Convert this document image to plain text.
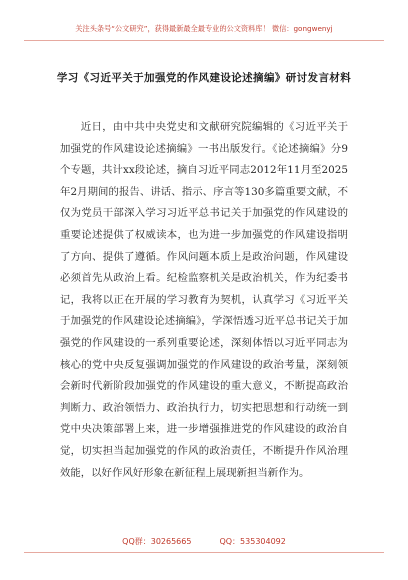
关注头条号“公文研究”，获得最新最全最专业的公文资料库！ 微信：gongwenyj
学习《习近平关于加强党的作风建设论述摘编》研讨发言材料

近日，由中共中央党史和文献研究院编辑的《习近平关于加强党的作风建设论述摘编》一书出版发行。《论述摘编》分9个专题，共计xx段论述，摘自习近平同志2012年11月至2025年2月期间的报告、讲话、指示、序言等130多篇重要文献，不仅为党员干部深入学习习近平总书记关于加强党的作风建设的重要论述提供了权威读本，也为进一步加强党的作风建设指明了方向、提供了遵循。作风问题本质上是政治问题，作风建设必须首先从政治上看。纪检监察机关是政治机关，作为纪委书记，我将以正在开展的学习教育为契机，认真学习《习近平关于加强党的作风建设论述摘编》，学深悟透习近平总书记关于加强党的作风建设的一系列重要论述，深刻体悟以习近平同志为核心的党中央反复强调加强党的作风建设的政治考量，深刻领会新时代新阶段加强党的作风建设的重大意义，不断提高政治判断力、政治领悟力、政治执行力，切实把思想和行动统一到党中央决策部署上来，进一步增强推进党的作风建设的政治自觉，切实担当起加强党的作风的政治责任，不断提升作风治理效能，以好作风好形象在新征程上展现新担当新作为。

QQ群：30265665	QQ：535304092
